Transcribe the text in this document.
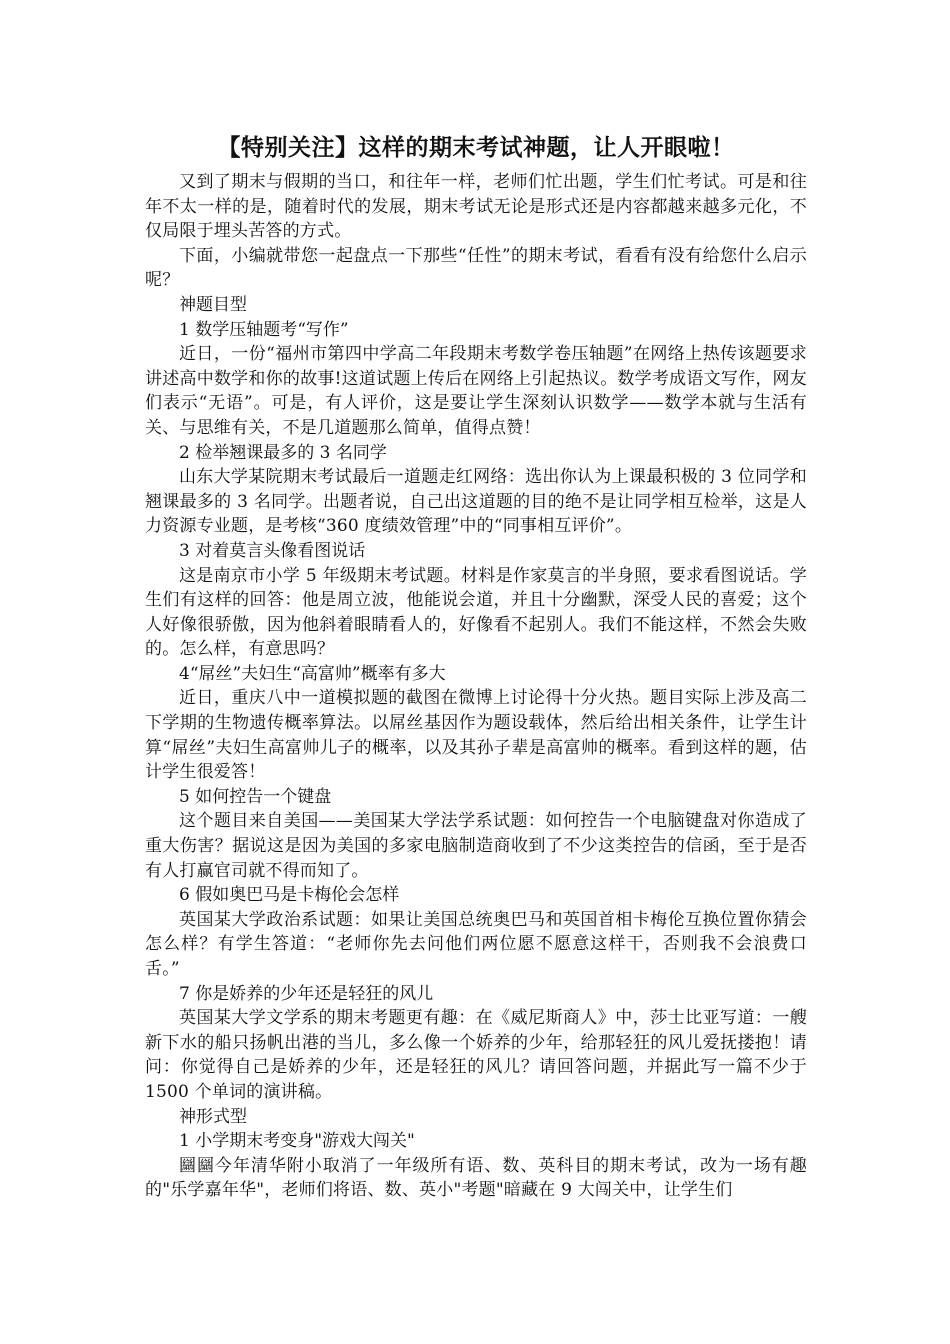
【特别关注】这样的期末考试神题，让人开眼啦！

又到了期末与假期的当口，和往年一样，老师们忙出题，学生们忙考试。可是和往年不太一样的是，随着时代的发展，期末考试无论是形式还是内容都越来越多元化，不仅局限于埋头苦答的方式。

下面，小编就带您一起盘点一下那些“任性”的期末考试，看看有没有给您什么启示呢？

神题目型

1 数学压轴题考“写作”

近日，一份“福州市第四中学高二年段期末考数学卷压轴题”在网络上热传该题要求讲述高中数学和你的故事!这道试题上传后在网络上引起热议。数学考成语文写作，网友们表示“无语”。可是，有人评价，这是要让学生深刻认识数学——数学本就与生活有关、与思维有关，不是几道题那么简单，值得点赞！

2 检举翘课最多的 3 名同学

山东大学某院期末考试最后一道题走红网络：选出你认为上课最积极的 3 位同学和翘课最多的 3 名同学。出题者说，自己出这道题的目的绝不是让同学相互检举，这是人力资源专业题，是考核“360 度绩效管理”中的“同事相互评价”。

3 对着莫言头像看图说话

这是南京市小学 5 年级期末考试题。材料是作家莫言的半身照，要求看图说话。学生们有这样的回答：他是周立波，他能说会道，并且十分幽默，深受人民的喜爱；这个人好像很骄傲，因为他斜着眼睛看人的，好像看不起别人。我们不能这样，不然会失败的。怎么样，有意思吗？

4“屌丝”夫妇生“高富帅”概率有多大

近日，重庆八中一道模拟题的截图在微博上讨论得十分火热。题目实际上涉及高二下学期的生物遗传概率算法。以屌丝基因作为题设载体，然后给出相关条件，让学生计算“屌丝”夫妇生高富帅儿子的概率，以及其孙子辈是高富帅的概率。看到这样的题，估计学生很爱答！

5 如何控告一个键盘

这个题目来自美国——美国某大学法学系试题：如何控告一个电脑键盘对你造成了重大伤害？据说这是因为美国的多家电脑制造商收到了不少这类控告的信函，至于是否有人打赢官司就不得而知了。

6 假如奥巴马是卡梅伦会怎样

英国某大学政治系试题：如果让美国总统奥巴马和英国首相卡梅伦互换位置你猜会怎么样？有学生答道：“老师你先去问他们两位愿不愿意这样干，否则我不会浪费口舌。”

7 你是娇养的少年还是轻狂的风儿

英国某大学文学系的期末考题更有趣：在《威尼斯商人》中，莎士比亚写道：一艘新下水的船只扬帆出港的当儿，多么像一个娇养的少年，给那轻狂的风儿爱抚搂抱！请问：你觉得自己是娇养的少年，还是轻狂的风儿？请回答问题，并据此写一篇不少于 1500 个单词的演讲稿。

神形式型

1 小学期末考变身"游戏大闯关"

圝圝今年清华附小取消了一年级所有语、数、英科目的期末考试，改为一场有趣的"乐学嘉年华"，老师们将语、数、英小"考题"暗藏在 9 大闯关中，让学生们
